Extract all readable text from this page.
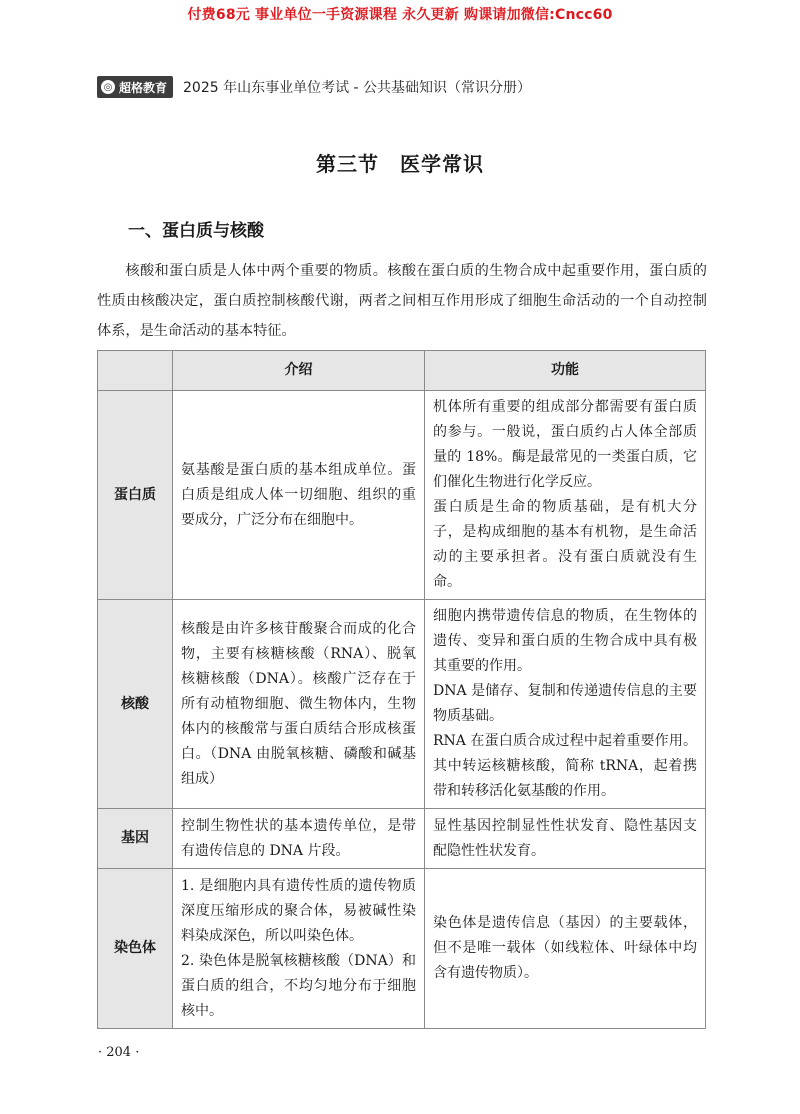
付费68元 事业单位一手资源课程 永久更新 购课请加微信:Cncc60
◎ 超格教育 2025 年山东事业单位考试 - 公共基础知识（常识分册）
第三节　医学常识
一、蛋白质与核酸

核酸和蛋白质是人体中两个重要的物质。核酸在蛋白质的生物合成中起重要作用，蛋白质的性质由核酸决定，蛋白质控制核酸代谢，两者之间相互作用形成了细胞生命活动的一个自动控制体系，是生命活动的基本特征。

	介绍	功能
蛋白质	氨基酸是蛋白质的基本组成单位。蛋白质是组成人体一切细胞、组织的重要成分，广泛分布在细胞中。	机体所有重要的组成部分都需要有蛋白质的参与。一般说，蛋白质约占人体全部质量的 18%。酶是最常见的一类蛋白质，它们催化生物进行化学反应。
蛋白质是生命的物质基础，是有机大分子，是构成细胞的基本有机物，是生命活动的主要承担者。没有蛋白质就没有生命。

核酸	核酸是由许多核苷酸聚合而成的化合物，主要有核糖核酸（RNA）、脱氧核糖核酸（DNA）。核酸广泛存在于所有动植物细胞、微生物体内，生物体内的核酸常与蛋白质结合形成核蛋白。（DNA 由脱氧核糖、磷酸和碱基组成）	细胞内携带遗传信息的物质，在生物体的遗传、变异和蛋白质的生物合成中具有极其重要的作用。
DNA 是储存、复制和传递遗传信息的主要物质基础。
RNA 在蛋白质合成过程中起着重要作用。其中转运核糖核酸，简称 tRNA，起着携带和转移活化氨基酸的作用。

基因	控制生物性状的基本遗传单位，是带有遗传信息的 DNA 片段。	显性基因控制显性性状发育、隐性基因支配隐性性状发育。

染色体	1. 是细胞内具有遗传性质的遗传物质深度压缩形成的聚合体，易被碱性染料染成深色，所以叫染色体。
2. 染色体是脱氧核糖核酸（DNA）和蛋白质的组合，不均匀地分布于细胞核中。	染色体是遗传信息（基因）的主要载体，但不是唯一载体（如线粒体、叶绿体中均含有遗传物质）。
· 204 ·
